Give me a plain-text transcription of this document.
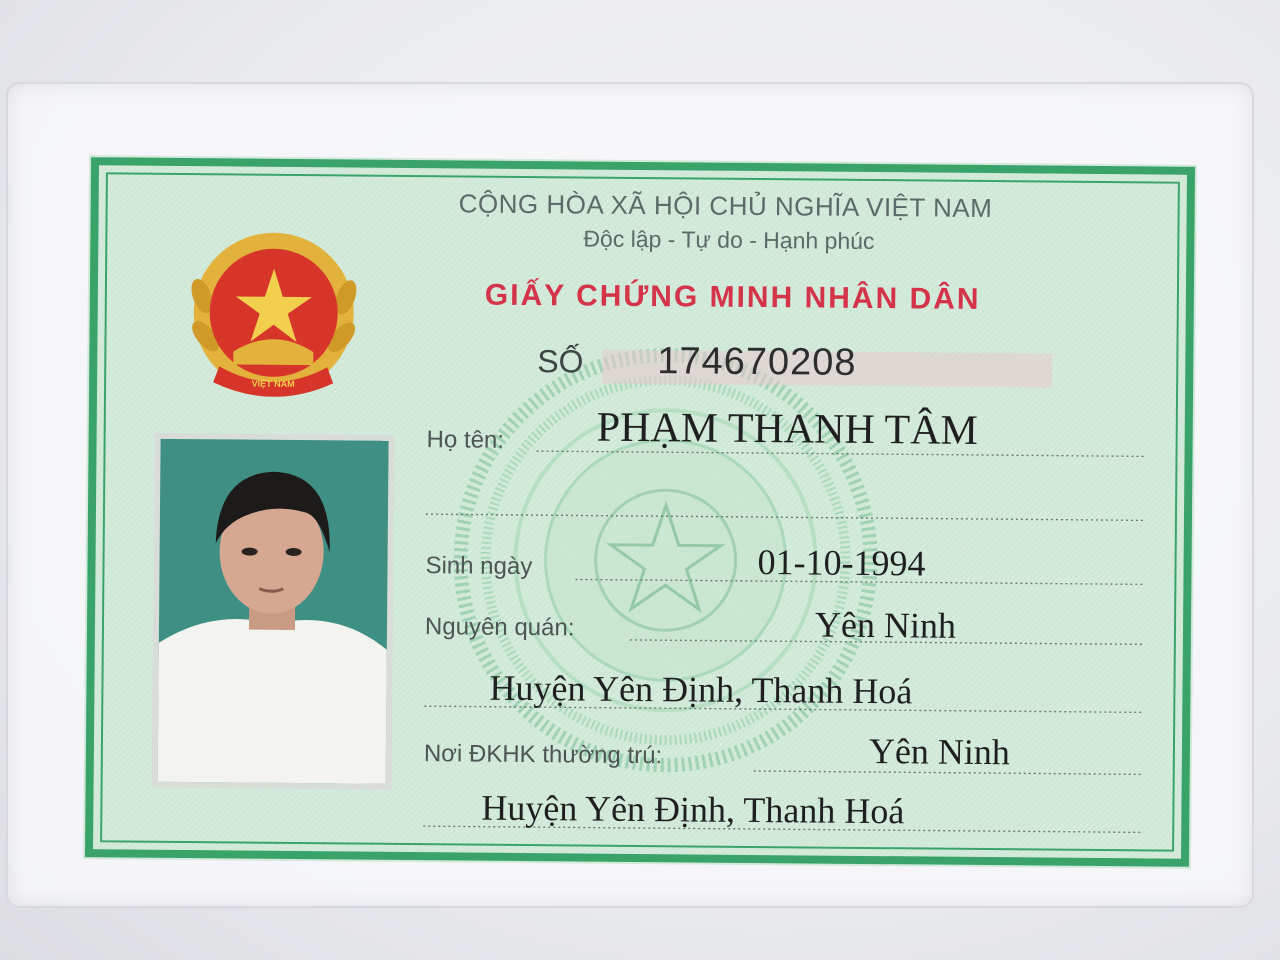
VIỆT NAM
CỘNG HÒA XÃ HỘI CHỦ NGHĨA VIỆT NAM
Độc lập - Tự do - Hạnh phúc
GIẤY CHỨNG MINH NHÂN DÂN
SỐ 174670208
Họ tên: PHẠM THANH TÂM
Sinh ngày	01-10-1994
Nguyên quán:	Yên Ninh
Huyện Yên Định, Thanh Hoá
Nơi ĐKHK thường trú:	Yên Ninh
Huyện Yên Định, Thanh Hoá
